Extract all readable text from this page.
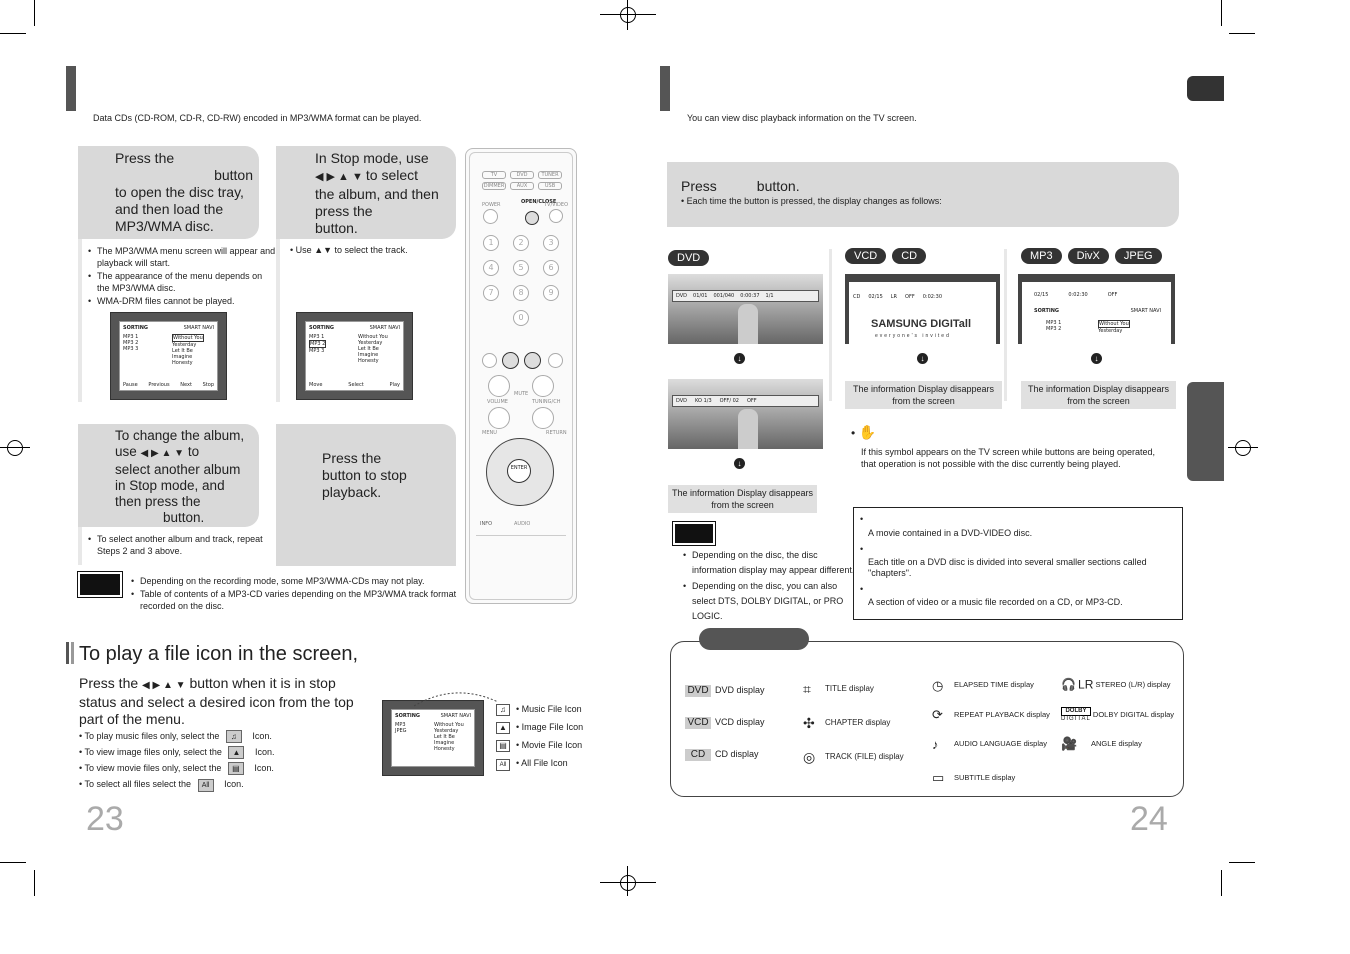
Data CDs (CD-ROM, CD-R, CD-RW) encoded in MP3/WMA format can be played.
Press the
button
to open the disc tray,
and then load the
MP3/WMA disc.
• The MP3/WMA menu screen will appear and playback will start.
• The appearance of the menu depends on the MP3/WMA disc.
• WMA-DRM files cannot be played.
SORTING	SMART NAVI
MP3 1
MP3 2
MP3 3
Without You
Yesterday
Let It Be
Imagine
Honesty
Pause Previous Next Stop
In Stop mode, use
◀ ▶ ▲ ▼ to select
the album, and then
press the
button.
• Use ▲▼ to select the track.
SORTING	SMART NAVI
MP3 1
MP3 2
MP3 3
Without You
Yesterday
Let It Be
Imagine
Honesty
Move	Select	Play
To change the album,
use ◀ ▶ ▲ ▼ to
select another album
in Stop mode, and
then press the
button.
• To select another album and track, repeat Steps 2 and 3 above.
Press the
button to stop
playback.
• Depending on the recording mode, some MP3/WMA-CDs may not play.
• Table of contents of a MP3-CD varies depending on the MP3/WMA track format recorded on the disc.
TV	DVD	TUNER
DIMMER	AUX	USB
POWER	OPEN/CLOSE
TV/VIDEO
1	2	3
4	5	6
7	8	9
0
VOLUME
MUTE
TUNING/CH
MENU	RETURN
ENTER
INFO	AUDIO
To play a file icon in the screen,
Press the ◀ ▶ ▲ ▼ button when it is in stop
status and select a desired icon from the top
part of the menu.
• To play music files only, select the ♫ Icon.
• To view image files only, select the ▲ Icon.
• To view movie files only, select the ▤ Icon.
• To select all files select the All Icon.
SORTING	SMART NAVI
MP3
JPEG
Without You
Yesterday
Let It Be
Imagine
Honesty
♫ • Music File Icon
▲ • Image File Icon
▤ • Movie File Icon
All • All File Icon
23
You can view disc playback information on the TV screen.
Press	button.
• Each time the button is pressed, the display changes as follows:
DVD
DVD 01/01 001/040 0:00:37 1/1
↓
DVD KO 1/3 OFF/ 02 OFF
↓
The information Display disappears from the screen
VCD	CD
CD 02/15 LR OFF 0:02:30
SAMSUNG DIGITall
everyone's invited
↓
The information Display disappears from the screen
MP3	DivX	JPEG
02/15	0:02:30	OFF
SORTING	SMART NAVI
MP3 1
MP3 2
Without You
Yesterday
↓
The information Display disappears from the screen
• ✋
If this symbol appears on the TV screen while buttons are being operated, that operation is not possible with the disc currently being played.
• Depending on the disc, the disc information display may appear different.
• Depending on the disc, you can also select DTS, DOLBY DIGITAL, or PRO LOGIC.
•
A movie contained in a DVD-VIDEO disc.
•
Each title on a DVD disc is divided into several smaller sections called "chapters".
•
A section of video or a music file recorded on a CD, or MP3-CD.
DVD DVD display
VCD VCD display
CD CD display
⌗ TITLE display
✣ CHAPTER display
◎ TRACK (FILE) display
◷ ELAPSED TIME display
⟳ REPEAT PLAYBACK display
♪ AUDIO LANGUAGE display
▭ SUBTITLE display
🎧 LR STEREO (L/R) display
DOLBY
DIGITAL
DOLBY DIGITAL display
🎥 ANGLE display
24
